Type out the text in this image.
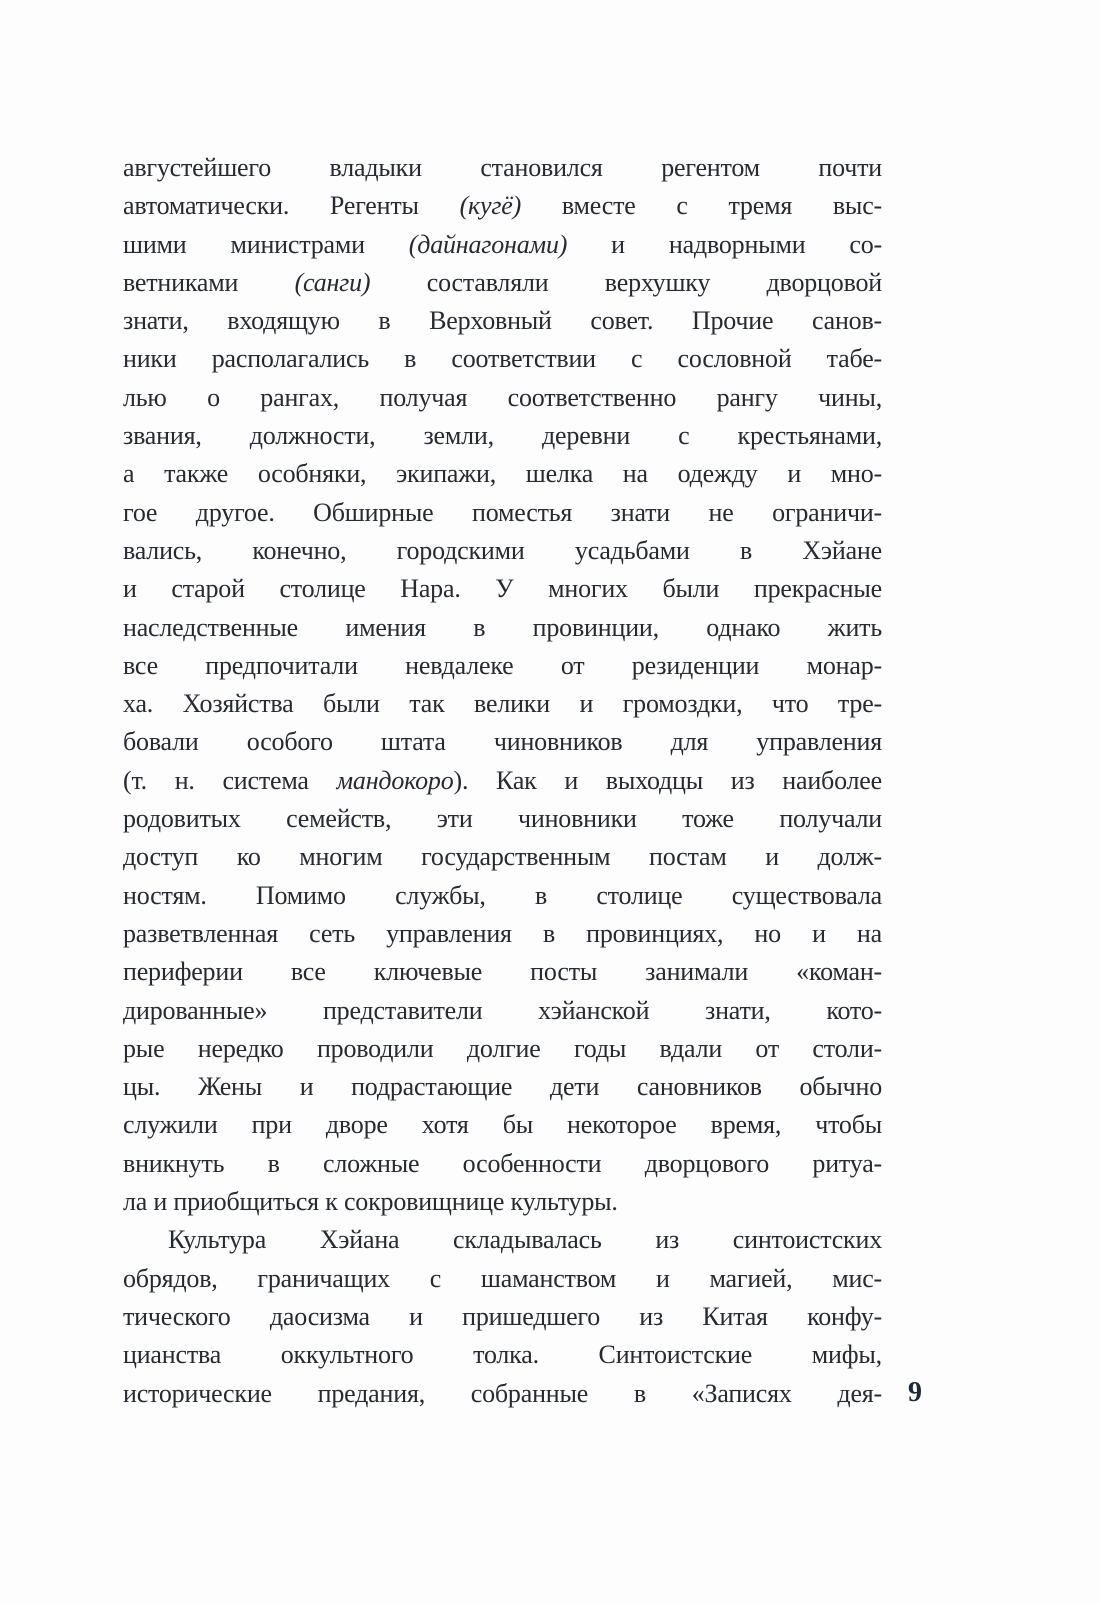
августейшего владыки становился регентом почти
автоматически. Регенты (кугё) вместе с тремя выс-
шими министрами (дайнагонами) и надворными со-
ветниками (санги) составляли верхушку дворцовой
знати, входящую в Верховный совет. Прочие санов-
ники располагались в соответствии с сословной табе-
лью о рангах, получая соответственно рангу чины,
звания, должности, земли, деревни с крестьянами,
а также особняки, экипажи, шелка на одежду и мно-
гое другое. Обширные поместья знати не ограничи-
вались, конечно, городскими усадьбами в Хэйане
и старой столице Нара. У многих были прекрасные
наследственные имения в провинции, однако жить
все предпочитали невдалеке от резиденции монар-
ха. Хозяйства были так велики и громоздки, что тре-
бовали особого штата чиновников для управления
(т. н. система мандокоро). Как и выходцы из наиболее
родовитых семейств, эти чиновники тоже получали
доступ ко многим государственным постам и долж-
ностям. Помимо службы, в столице существовала
разветвленная сеть управления в провинциях, но и на
периферии все ключевые посты занимали «коман-
дированные» представители хэйанской знати, кото-
рые нередко проводили долгие годы вдали от столи-
цы. Жены и подрастающие дети сановников обычно
служили при дворе хотя бы некоторое время, чтобы
вникнуть в сложные особенности дворцового ритуа-
ла и приобщиться к сокровищнице культуры.
Культура Хэйана складывалась из синтоистских
обрядов, граничащих с шаманством и магией, мис-
тического даосизма и пришедшего из Китая конфу-
цианства оккультного толка. Синтоистские мифы,
исторические предания, собранные в «Записях дея- 9
